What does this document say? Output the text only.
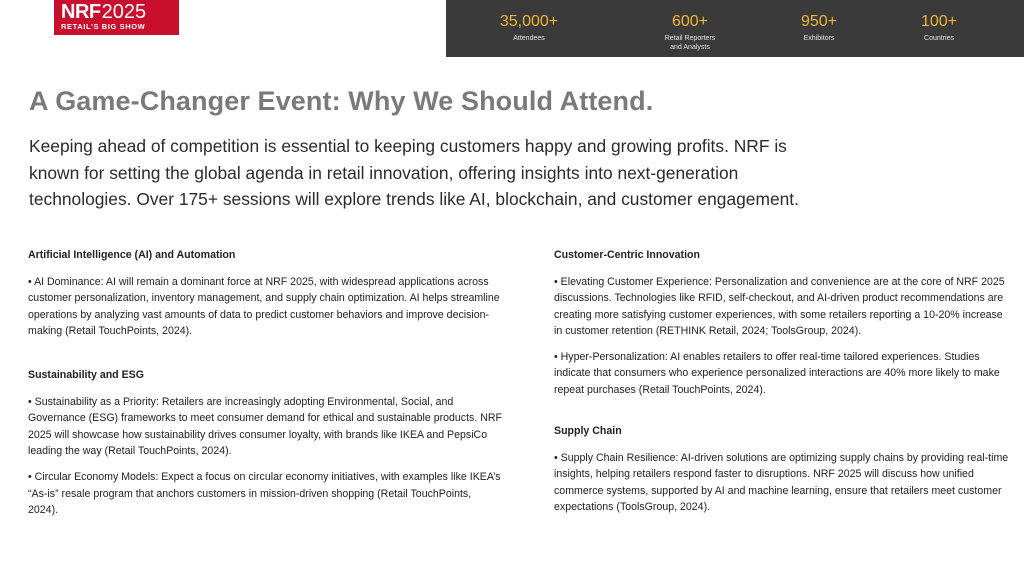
NRF2025
RETAIL'S BIG SHOW	35,000+
Attendees
600+
Retail Reporters and Analysts
950+
Exhibitors
100+
Countries
A Game-Changer Event: Why We Should Attend.

Keeping ahead of competition is essential to keeping customers happy and growing profits. NRF is known for setting the global agenda in retail innovation, offering insights into next-generation technologies. Over 175+ sessions will explore trends like AI, blockchain, and customer engagement.

Artificial Intelligence (AI) and Automation

• AI Dominance: AI will remain a dominant force at NRF 2025, with widespread applications across customer personalization, inventory management, and supply chain optimization. AI helps streamline operations by analyzing vast amounts of data to predict customer behaviors and improve decision-making (Retail TouchPoints, 2024).

Sustainability and ESG

• Sustainability as a Priority: Retailers are increasingly adopting Environmental, Social, and Governance (ESG) frameworks to meet consumer demand for ethical and sustainable products. NRF 2025 will showcase how sustainability drives consumer loyalty, with brands like IKEA and PepsiCo leading the way (Retail TouchPoints, 2024).

• Circular Economy Models: Expect a focus on circular economy initiatives, with examples like IKEA’s “As-is” resale program that anchors customers in mission-driven shopping (Retail TouchPoints, 2024).

Customer-Centric Innovation

• Elevating Customer Experience: Personalization and convenience are at the core of NRF 2025 discussions. Technologies like RFID, self-checkout, and AI-driven product recommendations are creating more satisfying customer experiences, with some retailers reporting a 10-20% increase in customer retention (RETHINK Retail, 2024; ToolsGroup, 2024).

• Hyper-Personalization: AI enables retailers to offer real-time tailored experiences. Studies indicate that consumers who experience personalized interactions are 40% more likely to make repeat purchases (Retail TouchPoints, 2024).

Supply Chain

• Supply Chain Resilience: AI-driven solutions are optimizing supply chains by providing real-time insights, helping retailers respond faster to disruptions. NRF 2025 will discuss how unified commerce systems, supported by AI and machine learning, ensure that retailers meet customer expectations (ToolsGroup, 2024).
